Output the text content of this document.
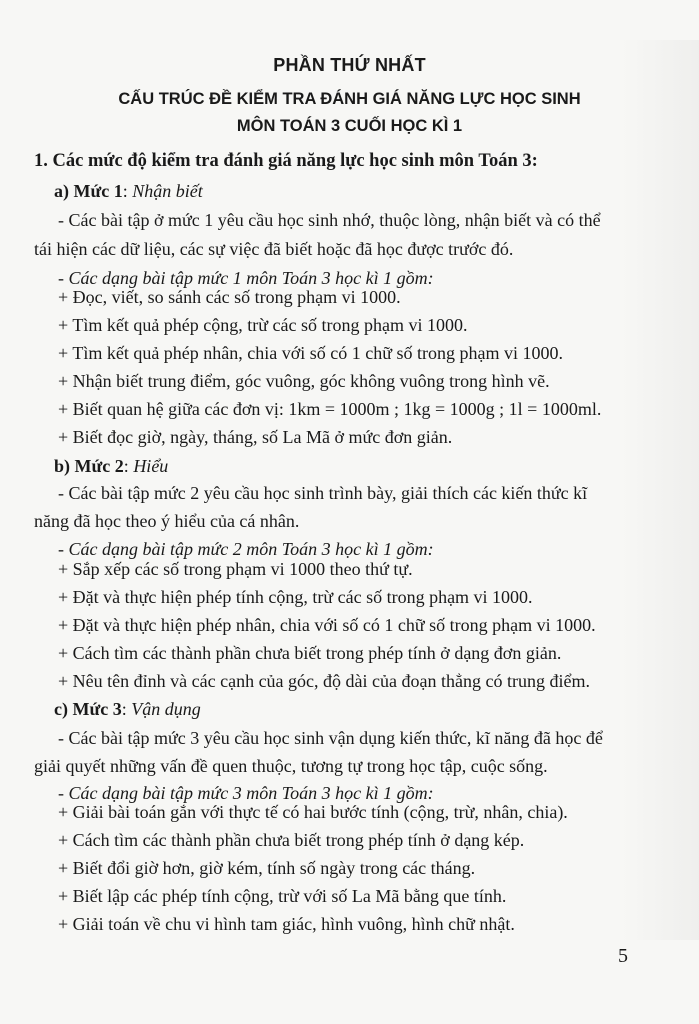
PHẦN THỨ NHẤT
CẤU TRÚC ĐỀ KIỂM TRA ĐÁNH GIÁ NĂNG LỰC HỌC SINH
MÔN TOÁN 3 CUỐI HỌC KÌ 1
1. Các mức độ kiểm tra đánh giá năng lực học sinh môn Toán 3:
a) Mức 1: Nhận biết
- Các bài tập ở mức 1 yêu cầu học sinh nhớ, thuộc lòng, nhận biết và có thể
tái hiện các dữ liệu, các sự việc đã biết hoặc đã học được trước đó.
- Các dạng bài tập mức 1 môn Toán 3 học kì 1 gồm:
+ Đọc, viết, so sánh các số trong phạm vi 1000.
+ Tìm kết quả phép cộng, trừ các số trong phạm vi 1000.
+ Tìm kết quả phép nhân, chia với số có 1 chữ số trong phạm vi 1000.
+ Nhận biết trung điểm, góc vuông, góc không vuông trong hình vẽ.
+ Biết quan hệ giữa các đơn vị: 1km = 1000m ; 1kg = 1000g ; 1l = 1000ml.
+ Biết đọc giờ, ngày, tháng, số La Mã ở mức đơn giản.
b) Mức 2: Hiểu
- Các bài tập mức 2 yêu cầu học sinh trình bày, giải thích các kiến thức kĩ
năng đã học theo ý hiểu của cá nhân.
- Các dạng bài tập mức 2 môn Toán 3 học kì 1 gồm:
+ Sắp xếp các số trong phạm vi 1000 theo thứ tự.
+ Đặt và thực hiện phép tính cộng, trừ các số trong phạm vi 1000.
+ Đặt và thực hiện phép nhân, chia với số có 1 chữ số trong phạm vi 1000.
+ Cách tìm các thành phần chưa biết trong phép tính ở dạng đơn giản.
+ Nêu tên đỉnh và các cạnh của góc, độ dài của đoạn thẳng có trung điểm.
c) Mức 3: Vận dụng
- Các bài tập mức 3 yêu cầu học sinh vận dụng kiến thức, kĩ năng đã học để
giải quyết những vấn đề quen thuộc, tương tự trong học tập, cuộc sống.
- Các dạng bài tập mức 3 môn Toán 3 học kì 1 gồm:
+ Giải bài toán gắn với thực tế có hai bước tính (cộng, trừ, nhân, chia).
+ Cách tìm các thành phần chưa biết trong phép tính ở dạng kép.
+ Biết đổi giờ hơn, giờ kém, tính số ngày trong các tháng.
+ Biết lập các phép tính cộng, trừ với số La Mã bằng que tính.
+ Giải toán về chu vi hình tam giác, hình vuông, hình chữ nhật.
5
